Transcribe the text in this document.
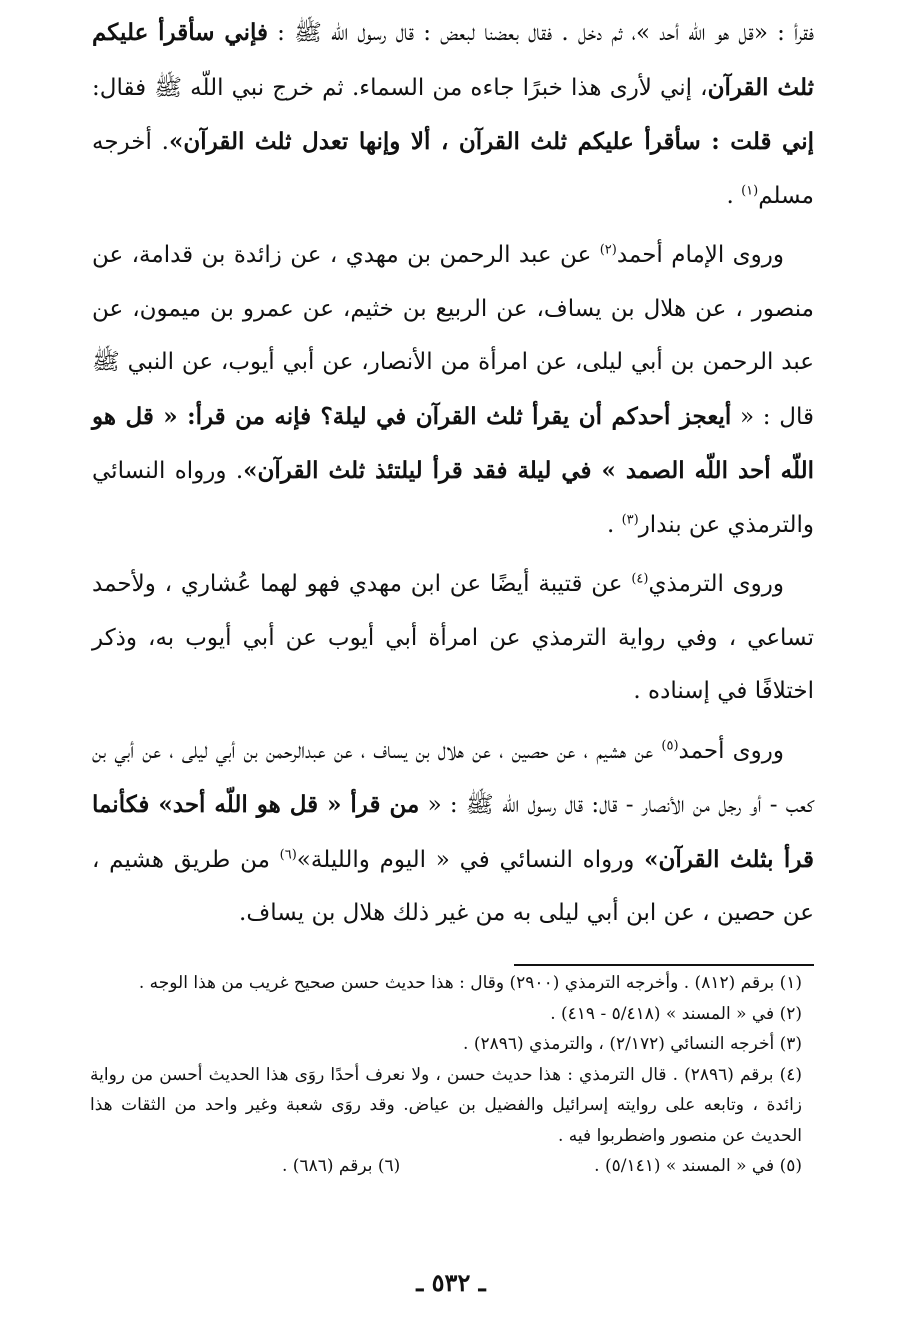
فقرأ : «قل هو اللّه أحد »، ثم دخل . فقال بعضنا لبعض : قال رسول اللّه ﷺ : فإني سأقرأ عليكم ثلث القرآن، إني لأرى هذا خبرًا جاءه من السماء. ثم خرج نبي اللّه ﷺ فقال: إني قلت : سأقرأ عليكم ثلث القرآن ، ألا وإنها تعدل ثلث القرآن». أخرجه مسلم$^{(١)}$ .

وروى الإمام أحمد$^{(٢)}$ عن عبد الرحمن بن مهدي ، عن زائدة بن قدامة، عن منصور ، عن هلال بن يساف، عن الربيع بن خثيم، عن عمرو بن ميمون، عن عبد الرحمن بن أبي ليلى، عن امرأة من الأنصار، عن أبي أيوب، عن النبي ﷺ قال : « أيعجز أحدكم أن يقرأ ثلث القرآن في ليلة؟ فإنه من قرأ: « قل هو اللّه أحد اللّه الصمد » في ليلة فقد قرأ ليلتئذ ثلث القرآن». ورواه النسائي والترمذي عن بندار$^{(٣)}$ .

وروى الترمذي$^{(٤)}$ عن قتيبة أيضًا عن ابن مهدي فهو لهما عُشاري ، ولأحمد تساعي ، وفي رواية الترمذي عن امرأة أبي أيوب عن أبي أيوب به، وذكر اختلافًا في إسناده .

وروى أحمد$^{(٥)}$ عن هشيم ، عن حصين ، عن هلال بن يساف ، عن عبدالرحمن بن أبي ليلى ، عن أبي بن كعب - أو رجل من الأنصار - قال: قال رسول اللّه ﷺ : « من قرأ « قل هو اللّه أحد» فكأنما قرأ بثلث القرآن» ورواه النسائي في « اليوم والليلة»$^{(٦)}$ من طريق هشيم ، عن حصين ، عن ابن أبي ليلى به من غير ذلك هلال بن يساف.

(١) برقم (٨١٢) . وأخرجه الترمذي (٢٩٠٠) وقال : هذا حديث حسن صحيح غريب من هذا الوجه .

(٢) في « المسند » (٥/٤١٨ - ٤١٩) .

(٣) أخرجه النسائي (٢/١٧٢) ، والترمذي (٢٨٩٦) .

(٤) برقم (٢٨٩٦) . قال الترمذي : هذا حديث حسن ، ولا نعرف أحدًا روَى هذا الحديث أحسن من رواية زائدة ، وتابعه على روايته إسرائيل والفضيل بن عياض. وقد روَى شعبة وغير واحد من الثقات هذا الحديث عن منصور واضطربوا فيه .

(٥) في « المسند » (٥/١٤١) .
(٦) برقم (٦٨٦) .
ـ ٥٣٢ ـ
